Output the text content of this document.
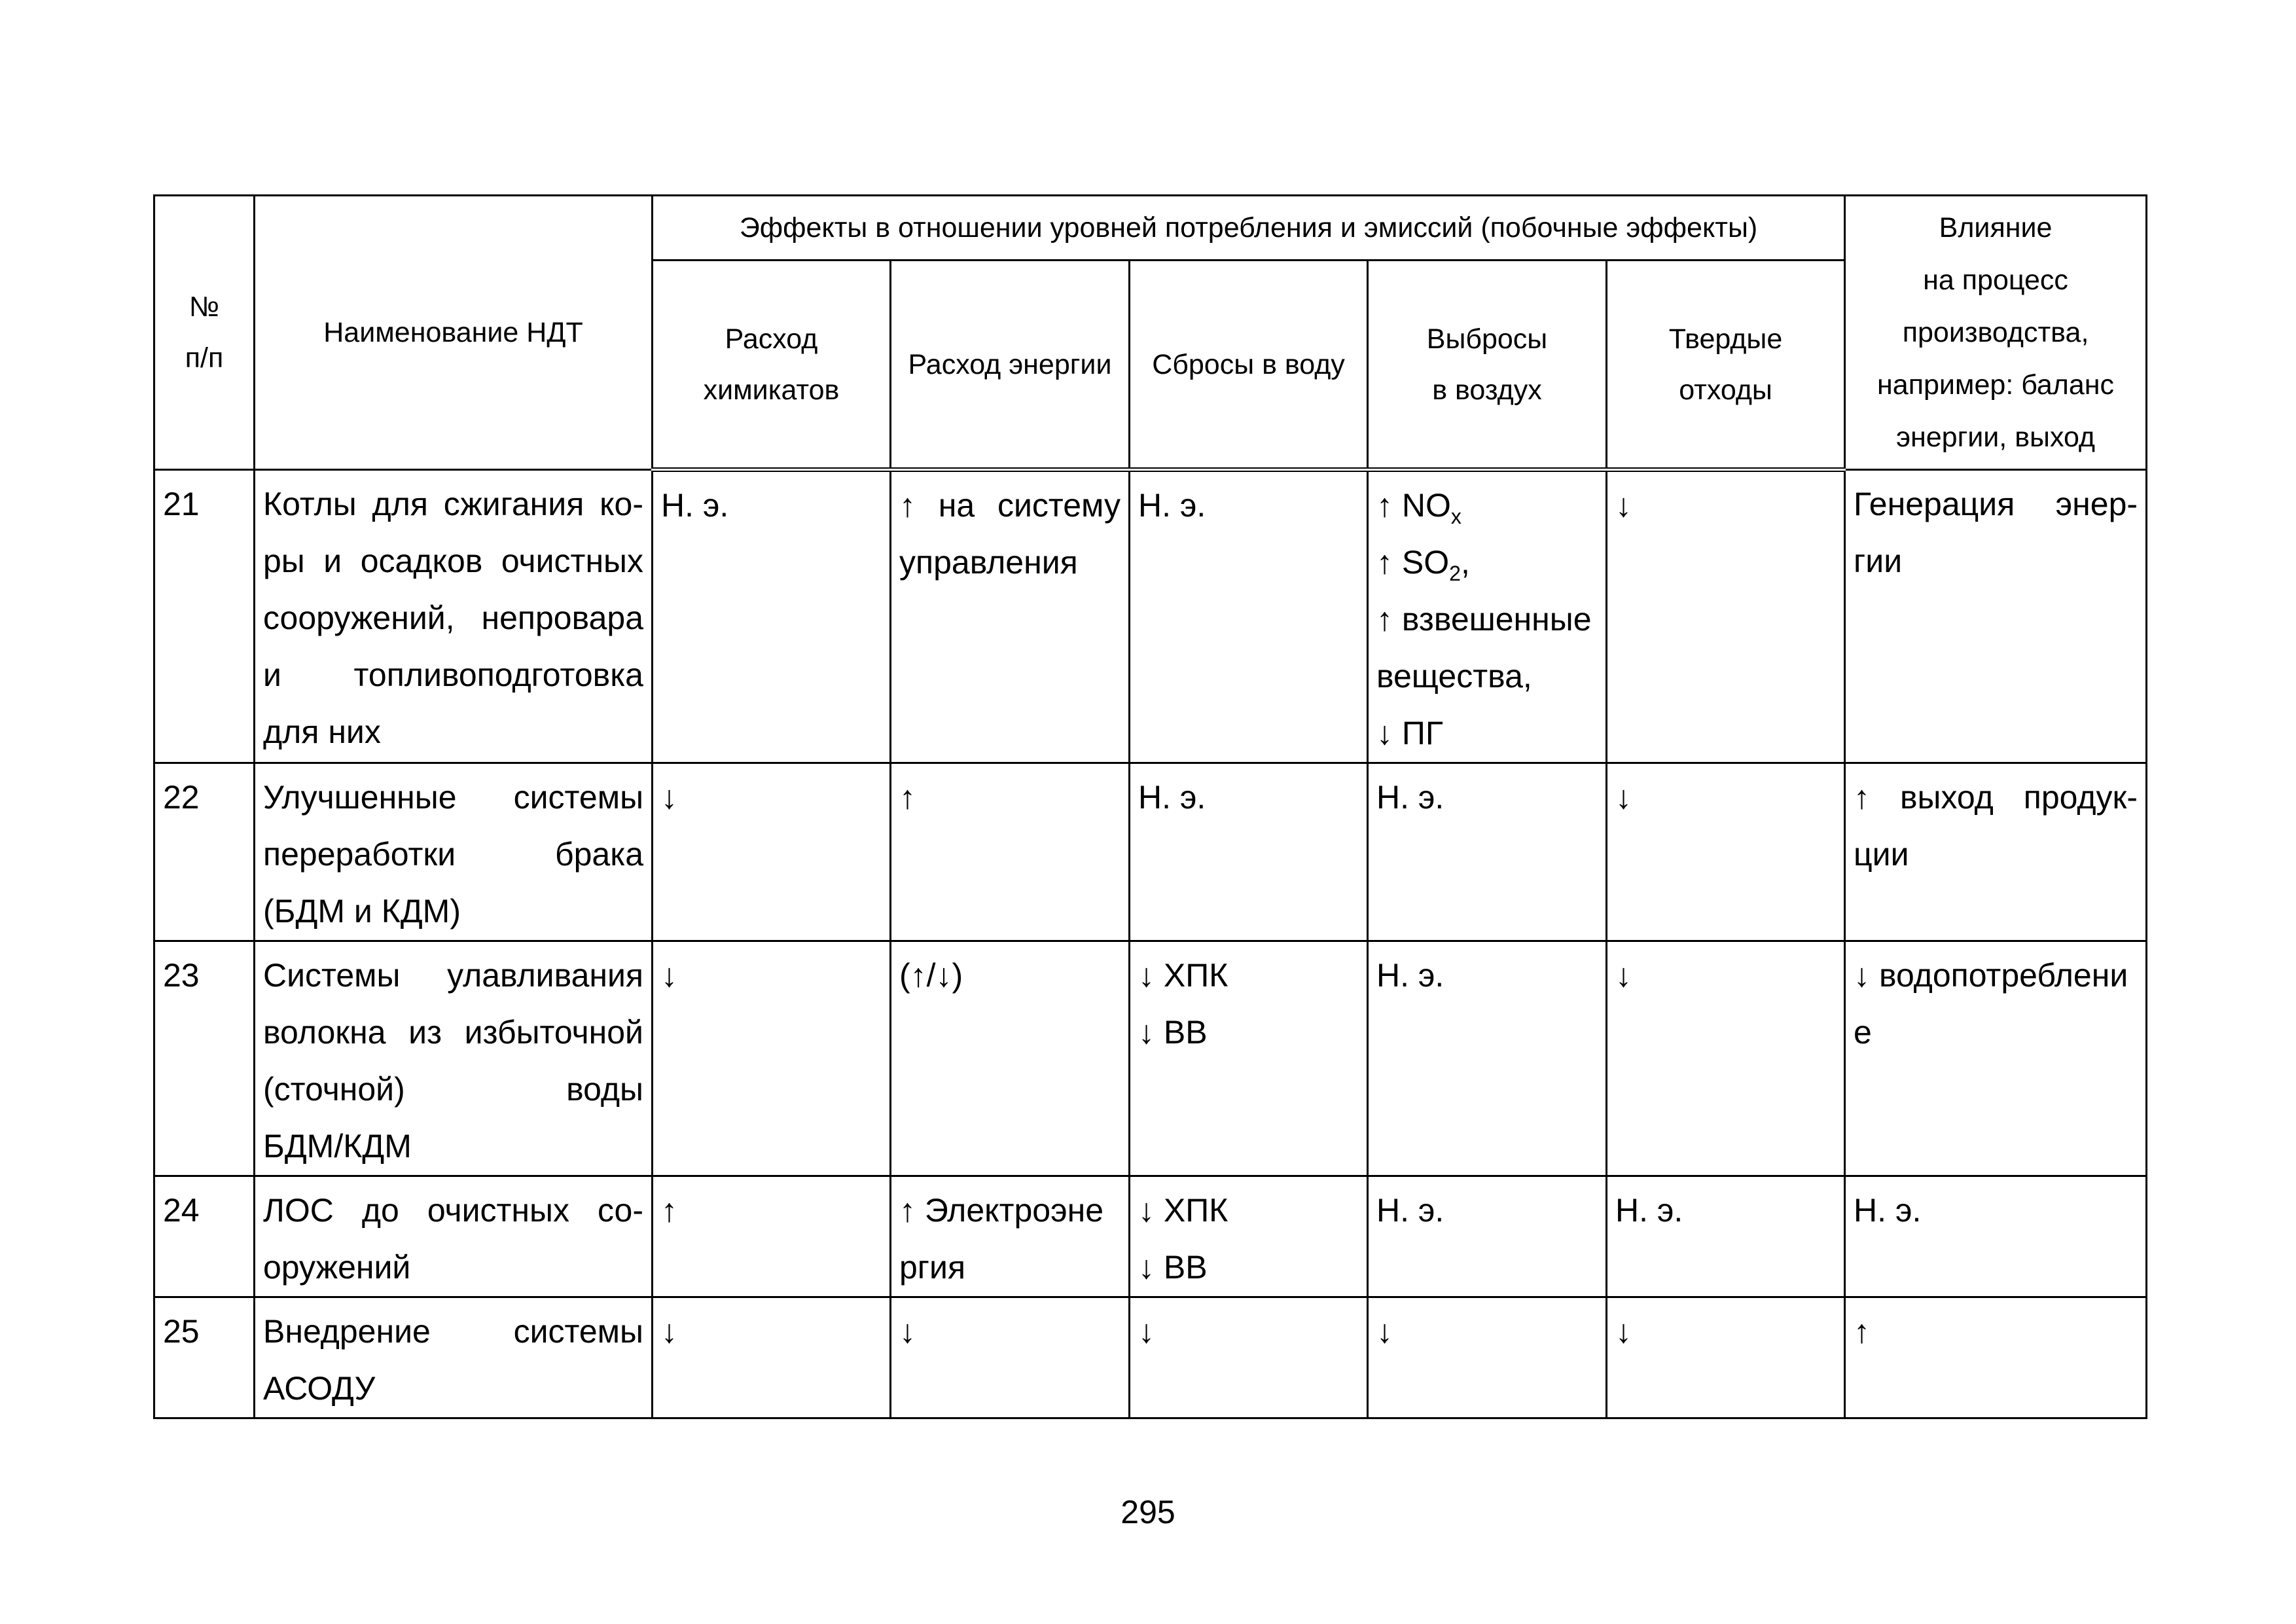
№
п/п	Наименование НДТ	Эффекты в отношении уровней потребления и эмиссий (побочные эффекты)					Влияние
на процесс
производства,
например: баланс
энергии, выход

		Расход
химикатов	Расход энергии	Сбросы в воду	Выбросы
в воздух	Твердые
отходы	

21	Котлы для сжигания ко-
ры и осадков очистных
сооружений, непровара
и топливоподготовка
для них	Н. э.	↑ на систему
управления	Н. э.	↑ $NO_x$
↑ $SO_2$,
↑ взвешенные
вещества,
↓ ПГ	↓	Генерация энер-
гии

22	Улучшенные системы
переработки брака
(БДМ и КДМ)	↓	↑	Н. э.	Н. э.	↓	↑ выход продук-
ции

23	Системы улавливания
волокна из избыточной
(сточной) воды
БДМ/КДМ	↓	(↑/↓)	↓ ХПК
↓ ВВ	Н. э.	↓	↓ водопотреблени
е

24	ЛОС до очистных со-
оружений	↑	↑ Электроэне
ргия	↓ ХПК
↓ ВВ	Н. э.	Н. э.	Н. э.
25	Внедрение системы
АСОДУ	↓	↓	↓	↓	↓	↑
295
